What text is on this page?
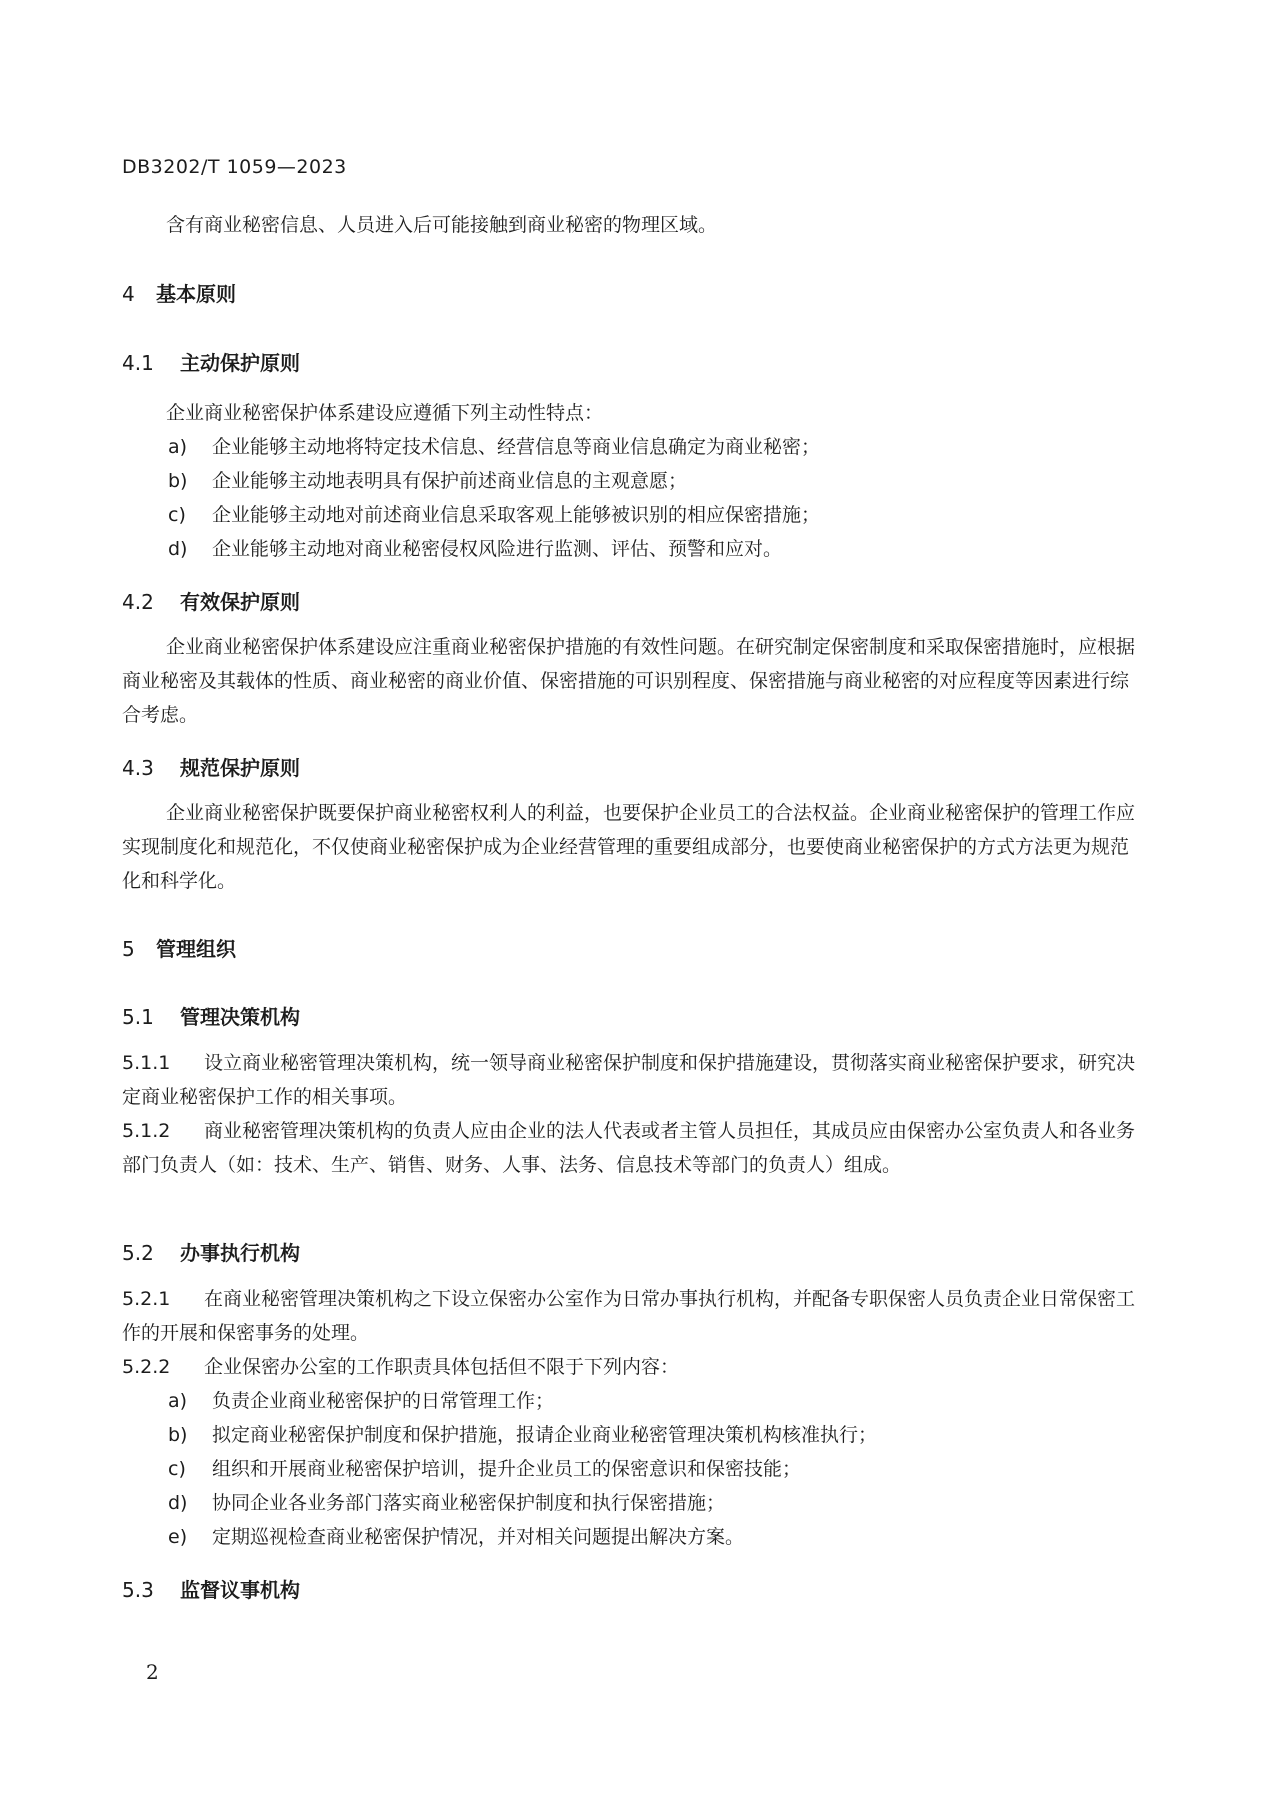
DB3202/T 1059—2023
含有商业秘密信息、人员进入后可能接触到商业秘密的物理区域。
4 基本原则
4.1 主动保护原则
企业商业秘密保护体系建设应遵循下列主动性特点：
a) 企业能够主动地将特定技术信息、经营信息等商业信息确定为商业秘密；
b) 企业能够主动地表明具有保护前述商业信息的主观意愿；
c) 企业能够主动地对前述商业信息采取客观上能够被识别的相应保密措施；
d) 企业能够主动地对商业秘密侵权风险进行监测、评估、预警和应对。
4.2 有效保护原则
企业商业秘密保护体系建设应注重商业秘密保护措施的有效性问题。在研究制定保密制度和采取保密措施时，应根据商业秘密及其载体的性质、商业秘密的商业价值、保密措施的可识别程度、保密措施与商业秘密的对应程度等因素进行综合考虑。
4.3 规范保护原则
企业商业秘密保护既要保护商业秘密权利人的利益，也要保护企业员工的合法权益。企业商业秘密保护的管理工作应实现制度化和规范化，不仅使商业秘密保护成为企业经营管理的重要组成部分，也要使商业秘密保护的方式方法更为规范化和科学化。
5 管理组织
5.1 管理决策机构
5.1.1 设立商业秘密管理决策机构，统一领导商业秘密保护制度和保护措施建设，贯彻落实商业秘密保护要求，研究决定商业秘密保护工作的相关事项。
5.1.2 商业秘密管理决策机构的负责人应由企业的法人代表或者主管人员担任，其成员应由保密办公室负责人和各业务部门负责人（如：技术、生产、销售、财务、人事、法务、信息技术等部门的负责人）组成。
5.2 办事执行机构
5.2.1 在商业秘密管理决策机构之下设立保密办公室作为日常办事执行机构，并配备专职保密人员负责企业日常保密工作的开展和保密事务的处理。
5.2.2 企业保密办公室的工作职责具体包括但不限于下列内容：
a) 负责企业商业秘密保护的日常管理工作；
b) 拟定商业秘密保护制度和保护措施，报请企业商业秘密管理决策机构核准执行；
c) 组织和开展商业秘密保护培训，提升企业员工的保密意识和保密技能；
d) 协同企业各业务部门落实商业秘密保护制度和执行保密措施；
e) 定期巡视检查商业秘密保护情况，并对相关问题提出解决方案。
5.3 监督议事机构
2
